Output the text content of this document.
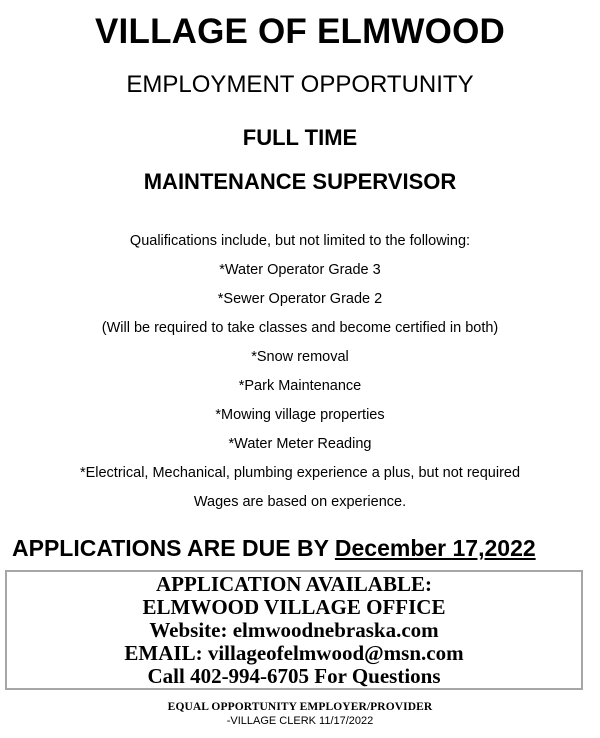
VILLAGE OF ELMWOOD
EMPLOYMENT OPPORTUNITY

FULL TIME

MAINTENANCE SUPERVISOR

Qualifications include, but not limited to the following:

*Water Operator Grade 3

*Sewer Operator Grade 2

(Will be required to take classes and become certified in both)

*Snow removal

*Park Maintenance

*Mowing village properties

*Water Meter Reading

*Electrical, Mechanical, plumbing experience a plus, but not required

Wages are based on experience.

APPLICATIONS ARE DUE BY December 17,2022

APPLICATION AVAILABLE:

ELMWOOD VILLAGE OFFICE

Website: elmwoodnebraska.com

EMAIL: villageofelmwood@msn.com

Call 402-994-6705 For Questions

EQUAL OPPORTUNITY EMPLOYER/PROVIDER

-VILLAGE CLERK 11/17/2022
